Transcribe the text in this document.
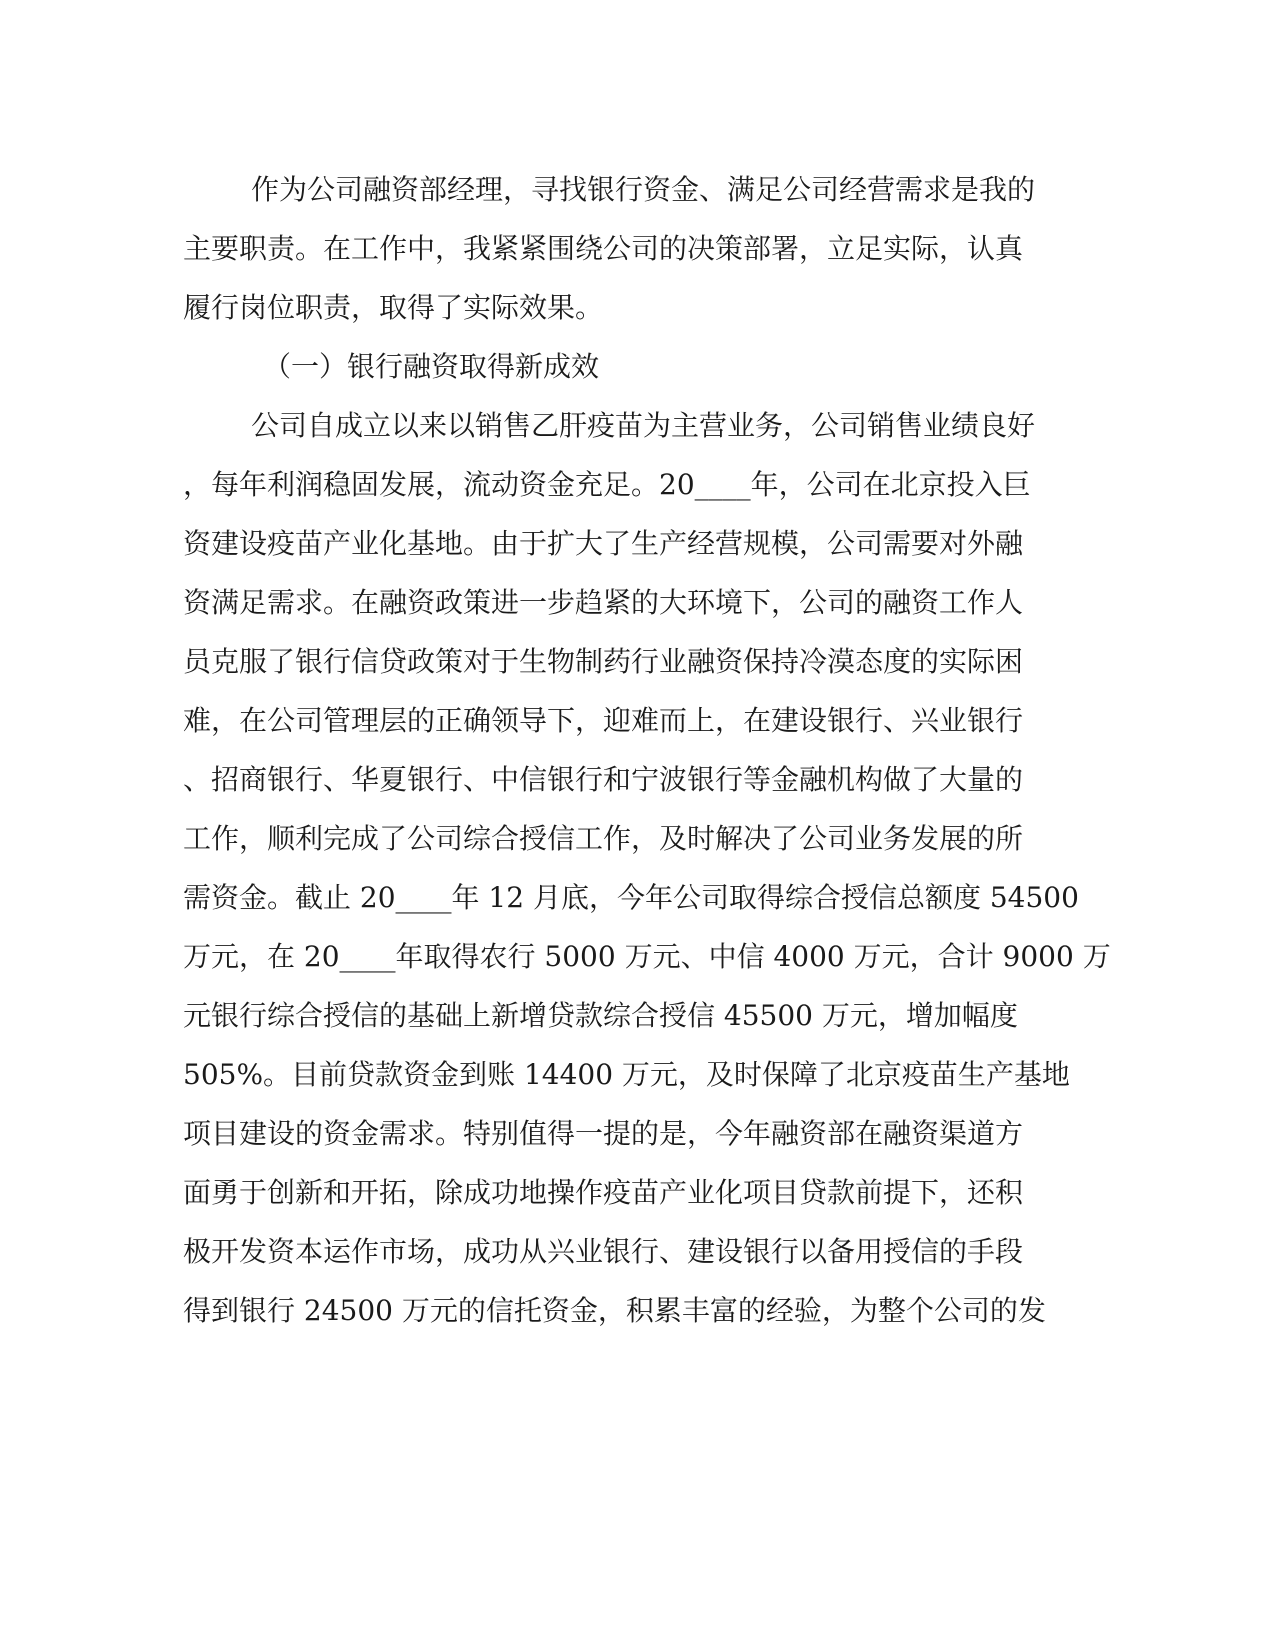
作为公司融资部经理，寻找银行资金、满足公司经营需求是我的
主要职责。在工作中，我紧紧围绕公司的决策部署，立足实际，认真
履行岗位职责，取得了实际效果。
（一）银行融资取得新成效
公司自成立以来以销售乙肝疫苗为主营业务，公司销售业绩良好
，每年利润稳固发展，流动资金充足。20____年，公司在北京投入巨
资建设疫苗产业化基地。由于扩大了生产经营规模，公司需要对外融
资满足需求。在融资政策进一步趋紧的大环境下，公司的融资工作人
员克服了银行信贷政策对于生物制药行业融资保持冷漠态度的实际困
难，在公司管理层的正确领导下，迎难而上，在建设银行、兴业银行
、招商银行、华夏银行、中信银行和宁波银行等金融机构做了大量的
工作，顺利完成了公司综合授信工作，及时解决了公司业务发展的所
需资金。截止 20____年 12 月底，今年公司取得综合授信总额度 54500
万元，在 20____年取得农行 5000 万元、中信 4000 万元，合计 9000 万
元银行综合授信的基础上新增贷款综合授信 45500 万元，增加幅度
505%。目前贷款资金到账 14400 万元，及时保障了北京疫苗生产基地
项目建设的资金需求。特别值得一提的是，今年融资部在融资渠道方
面勇于创新和开拓，除成功地操作疫苗产业化项目贷款前提下，还积
极开发资本运作市场，成功从兴业银行、建设银行以备用授信的手段
得到银行 24500 万元的信托资金，积累丰富的经验，为整个公司的发
